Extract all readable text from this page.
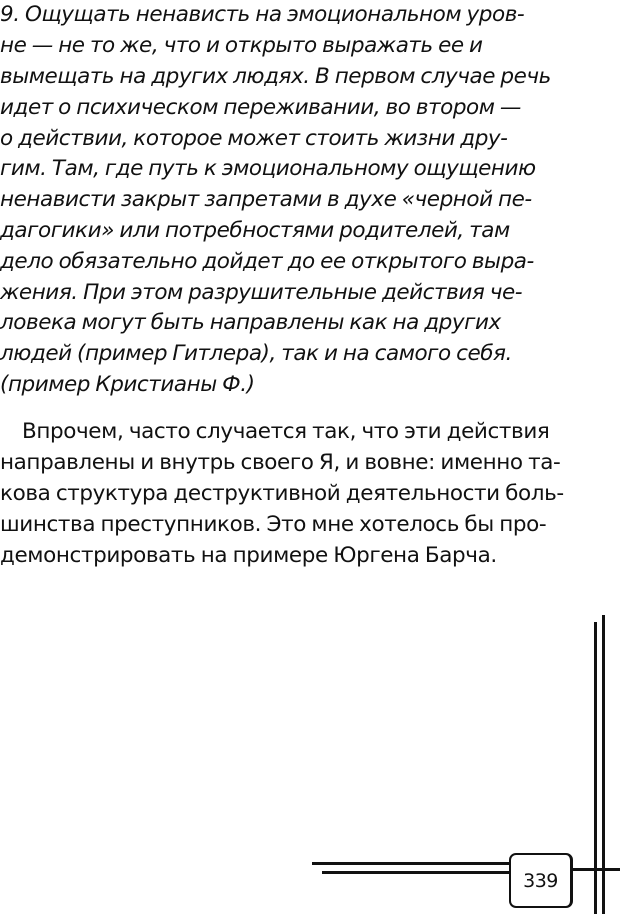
9. Ощущать ненависть на эмоциональном уров-

не — не то же, что и открыто выражать ее и

вымещать на других людях. В первом случае речь

идет о психическом переживании, во втором —

о действии, которое может стоить жизни дру-

гим. Там, где путь к эмоциональному ощущению

ненависти закрыт запретами в духе «черной пе-

дагогики» или потребностями родителей, там

дело обязательно дойдет до ее открытого выра-

жения. При этом разрушительные действия че-

ловека могут быть направлены как на других

людей (пример Гитлера), так и на самого себя.

(пример Кристианы Ф.)

Впрочем, часто случается так, что эти действия

направлены и внутрь своего Я, и вовне: именно та-

кова структура деструктивной деятельности боль-

шинства преступников. Это мне хотелось бы про-

демонстрировать на примере Юргена Барча.

339
